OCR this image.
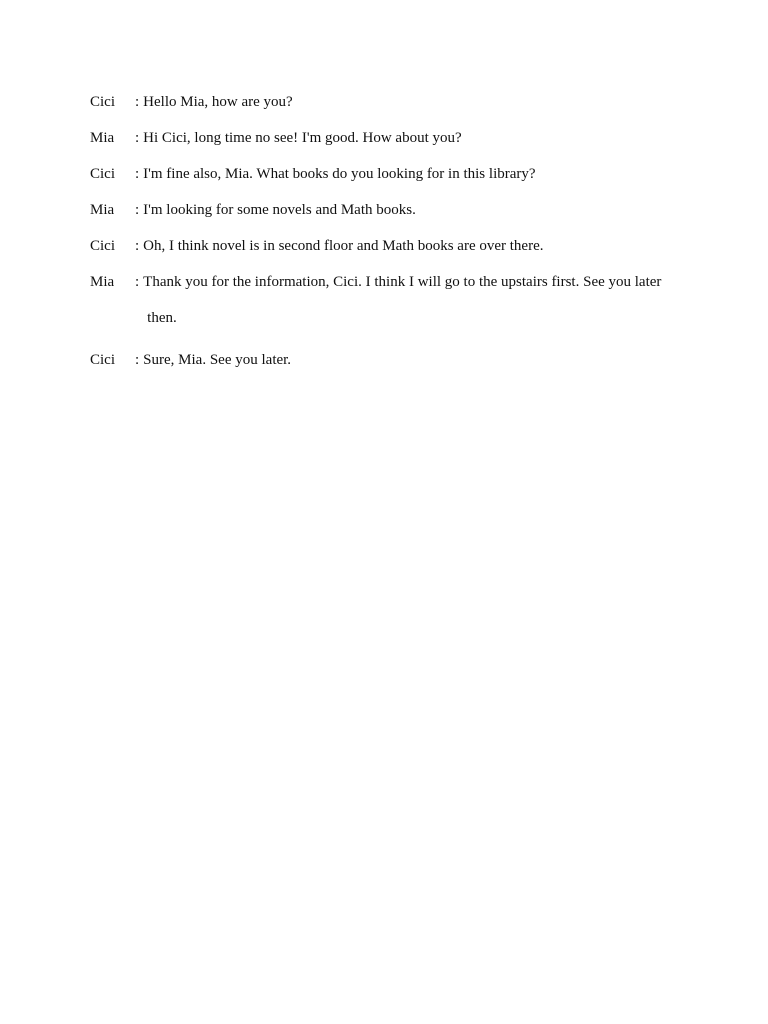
Cici	: Hello Mia, how are you?
Mia	: Hi Cici, long time no see! I'm good. How about you?
Cici	: I'm fine also, Mia. What books do you looking for in this library?
Mia	: I'm looking for some novels and Math books.
Cici	: Oh, I think novel is in second floor and Math books are over there.
Mia	: Thank you for the information, Cici. I think I will go to the upstairs first. See you later
then.
Cici	: Sure, Mia. See you later.
